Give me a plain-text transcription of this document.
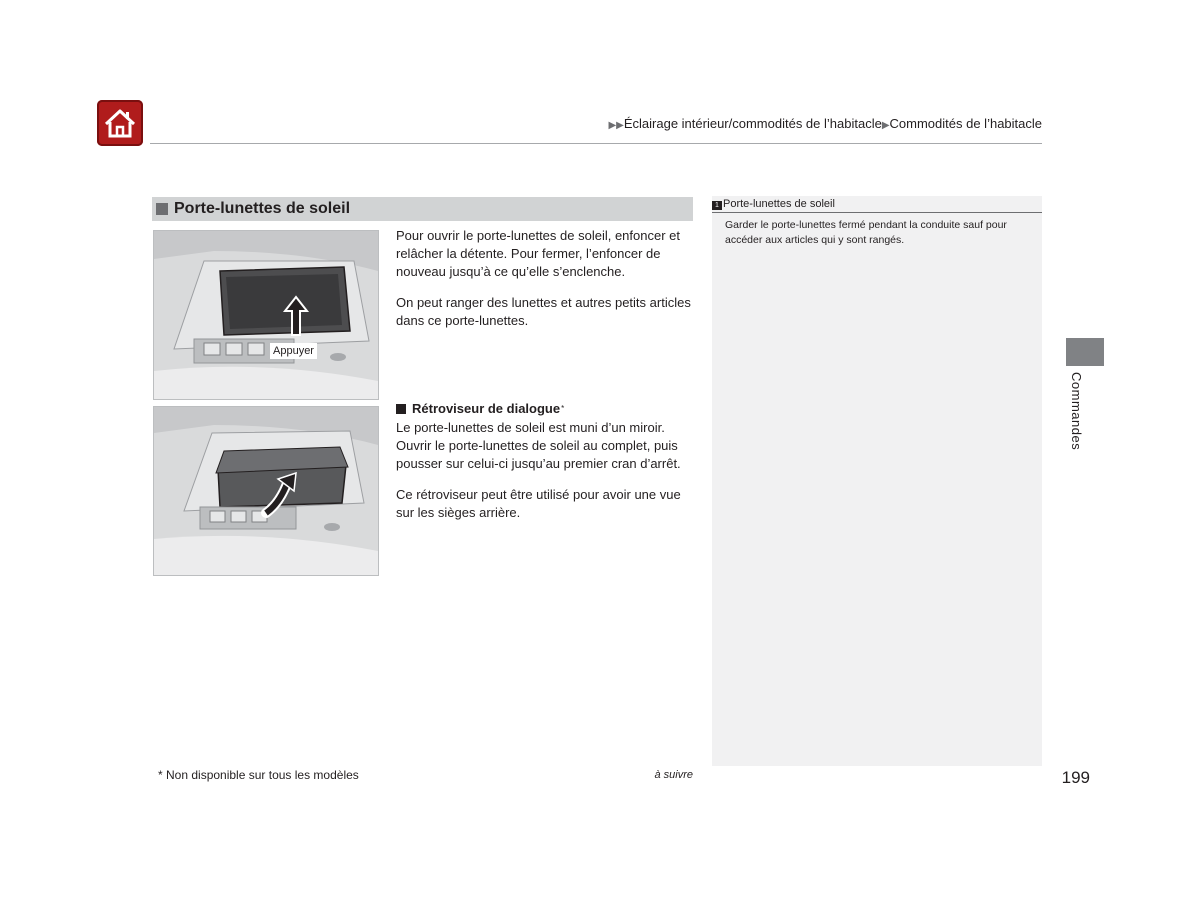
▶▶Éclairage intérieur/commodités de l’habitacle▶Commodités de l’habitacle
Porte-lunettes de soleil
Appuyer
Pour ouvrir le porte-lunettes de soleil, enfoncer et relâcher la détente. Pour fermer, l’enfoncer de nouveau jusqu’à ce qu’elle s’enclenche.
On peut ranger des lunettes et autres petits articles dans ce porte-lunettes.
Rétroviseur de dialogue *
Le porte-lunettes de soleil est muni d’un miroir. Ouvrir le porte-lunettes de soleil au complet, puis pousser sur celui-ci jusqu’au premier cran d’arrêt.
Ce rétroviseur peut être utilisé pour avoir une vue sur les sièges arrière.
1 Porte-lunettes de soleil
Garder le porte-lunettes fermé pendant la conduite sauf pour accéder aux articles qui y sont rangés.
Commandes
* Non disponible sur tous les modèles	à suivre	199
